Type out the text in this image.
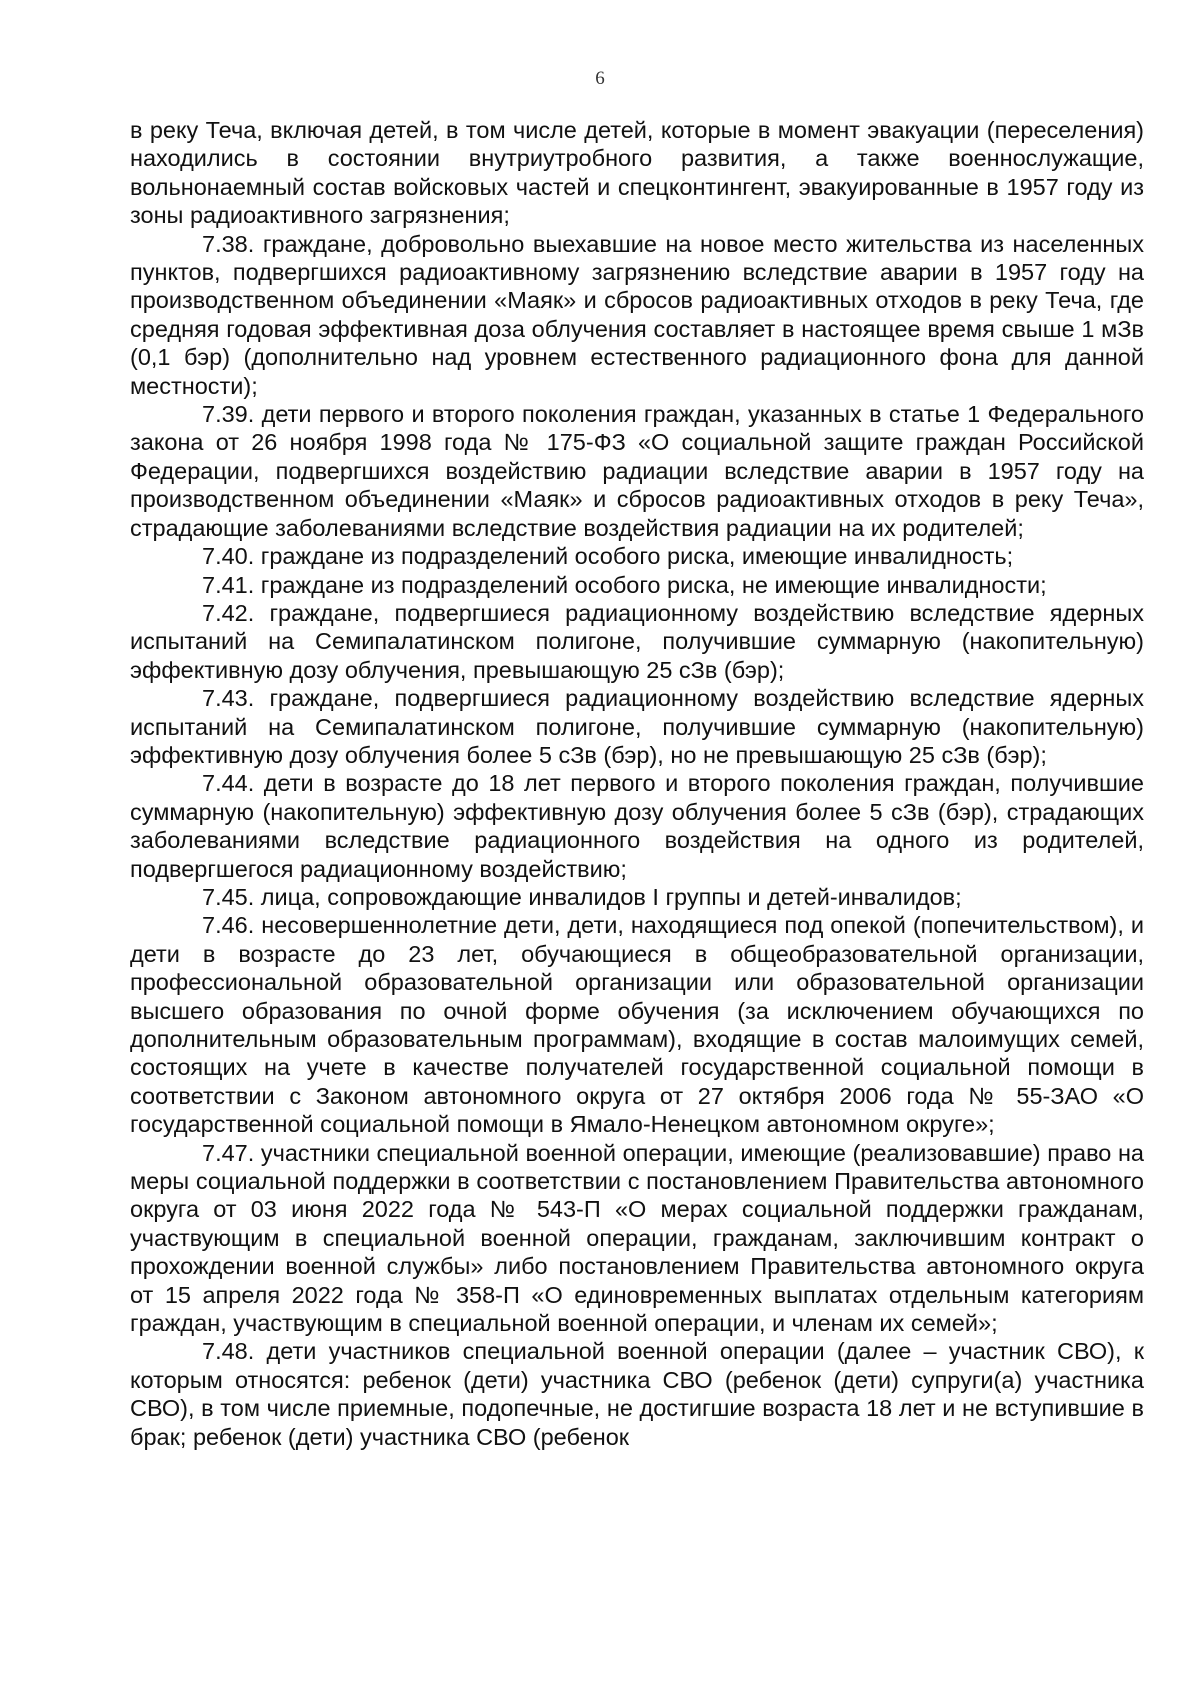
6

в реку Теча, включая детей, в том числе детей, которые в момент эвакуации (переселения) находились в состоянии внутриутробного развития, а также военнослужащие, вольнонаемный состав войсковых частей и спецконтингент, эвакуированные в 1957 году из зоны радиоактивного загрязнения;

7.38. граждане, добровольно выехавшие на новое место жительства из населенных пунктов, подвергшихся радиоактивному загрязнению вследствие аварии в 1957 году на производственном объединении «Маяк» и сбросов радиоактивных отходов в реку Теча, где средняя годовая эффективная доза облучения составляет в настоящее время свыше 1 мЗв (0,1 бэр) (дополнительно над уровнем естественного радиационного фона для данной местности);

7.39. дети первого и второго поколения граждан, указанных в статье 1 Федерального закона от 26 ноября 1998 года № 175-ФЗ «О социальной защите граждан Российской Федерации, подвергшихся воздействию радиации вследствие аварии в 1957 году на производственном объединении «Маяк» и сбросов радиоактивных отходов в реку Теча», страдающие заболеваниями вследствие воздействия радиации на их родителей;

7.40. граждане из подразделений особого риска, имеющие инвалидность;

7.41. граждане из подразделений особого риска, не имеющие инвалидности;

7.42. граждане, подвергшиеся радиационному воздействию вследствие ядерных испытаний на Семипалатинском полигоне, получившие суммарную (накопительную) эффективную дозу облучения, превышающую 25 сЗв (бэр);

7.43. граждане, подвергшиеся радиационному воздействию вследствие ядерных испытаний на Семипалатинском полигоне, получившие суммарную (накопительную) эффективную дозу облучения более 5 сЗв (бэр), но не превышающую 25 сЗв (бэр);

7.44. дети в возрасте до 18 лет первого и второго поколения граждан, получившие суммарную (накопительную) эффективную дозу облучения более 5 сЗв (бэр), страдающих заболеваниями вследствие радиационного воздействия на одного из родителей, подвергшегося радиационному воздействию;

7.45. лица, сопровождающие инвалидов I группы и детей-инвалидов;

7.46. несовершеннолетние дети, дети, находящиеся под опекой (попечительством), и дети в возрасте до 23 лет, обучающиеся в общеобразовательной организации, профессиональной образовательной организации или образовательной организации высшего образования по очной форме обучения (за исключением обучающихся по дополнительным образовательным программам), входящие в состав малоимущих семей, состоящих на учете в качестве получателей государственной социальной помощи в соответствии с Законом автономного округа от 27 октября 2006 года № 55-ЗАО «О государственной социальной помощи в Ямало-Ненецком автономном округе»;

7.47. участники специальной военной операции, имеющие (реализовавшие) право на меры социальной поддержки в соответствии с постановлением Правительства автономного округа от 03 июня 2022 года № 543-П «О мерах социальной поддержки гражданам, участвующим в специальной военной операции, гражданам, заключившим контракт о прохождении военной службы» либо постановлением Правительства автономного округа от 15 апреля 2022 года № 358-П «О единовременных выплатах отдельным категориям граждан, участвующим в специальной военной операции, и членам их семей»;

7.48. дети участников специальной военной операции (далее – участник СВО), к которым относятся: ребенок (дети) участника СВО (ребенок (дети) супруги(а) участника СВО), в том числе приемные, подопечные, не достигшие возраста 18 лет и не вступившие в брак; ребенок (дети) участника СВО (ребенок
